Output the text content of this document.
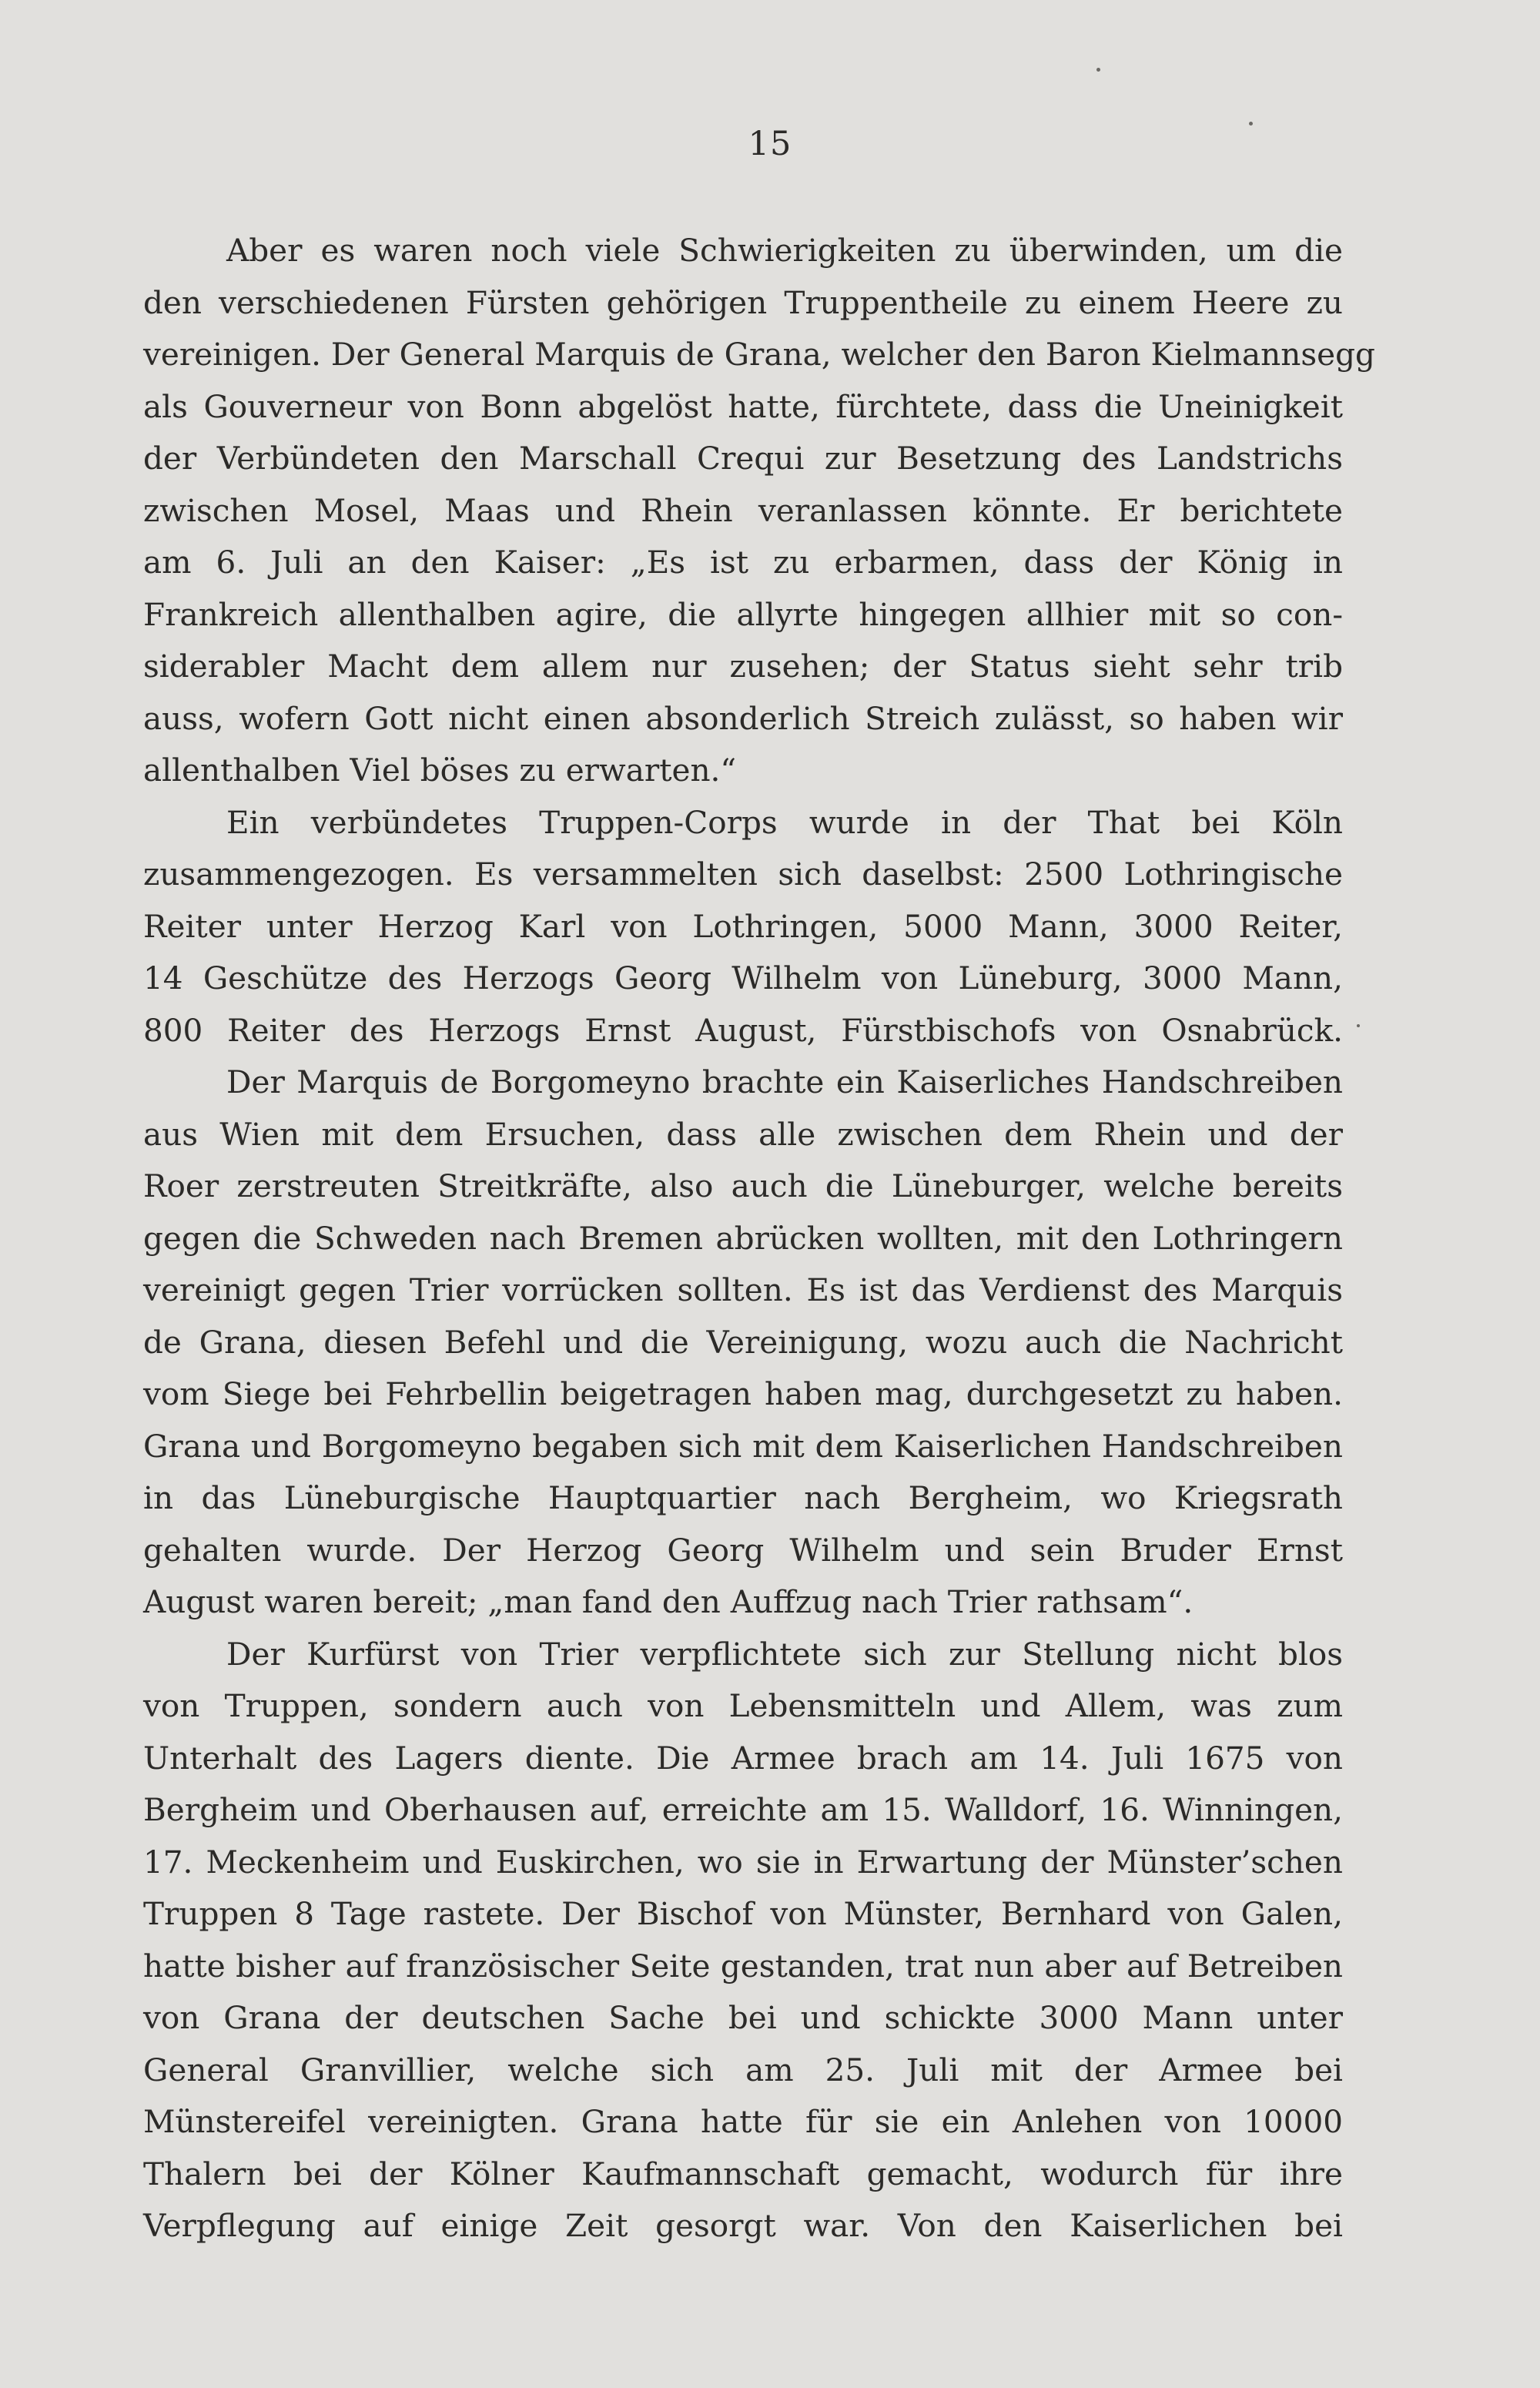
15
Aber es waren noch viele Schwierigkeiten zu überwinden, um die
den verschiedenen Fürsten gehörigen Truppentheile zu einem Heere zu
vereinigen. Der General Marquis de Grana, welcher den Baron Kielmannsegg
als Gouverneur von Bonn abgelöst hatte, fürchtete, dass die Uneinigkeit
der Verbündeten den Marschall Crequi zur Besetzung des Landstrichs
zwischen Mosel, Maas und Rhein veranlassen könnte. Er berichtete
am 6. Juli an den Kaiser: „Es ist zu erbarmen, dass der König in
Frankreich allenthalben agire, die allyrte hingegen allhier mit so con-
siderabler Macht dem allem nur zusehen; der Status sieht sehr trib
auss, wofern Gott nicht einen absonderlich Streich zulässt, so haben wir
allenthalben Viel böses zu erwarten.“
Ein verbündetes Truppen-Corps wurde in der That bei Köln
zusammengezogen. Es versammelten sich daselbst: 2500 Lothringische
Reiter unter Herzog Karl von Lothringen, 5000 Mann, 3000 Reiter,
14 Geschütze des Herzogs Georg Wilhelm von Lüneburg, 3000 Mann,
800 Reiter des Herzogs Ernst August, Fürstbischofs von Osnabrück.
Der Marquis de Borgomeyno brachte ein Kaiserliches Handschreiben
aus Wien mit dem Ersuchen, dass alle zwischen dem Rhein und der
Roer zerstreuten Streitkräfte, also auch die Lüneburger, welche bereits
gegen die Schweden nach Bremen abrücken wollten, mit den Lothringern
vereinigt gegen Trier vorrücken sollten. Es ist das Verdienst des Marquis
de Grana, diesen Befehl und die Vereinigung, wozu auch die Nachricht
vom Siege bei Fehrbellin beigetragen haben mag, durchgesetzt zu haben.
Grana und Borgomeyno begaben sich mit dem Kaiserlichen Handschreiben
in das Lüneburgische Hauptquartier nach Bergheim, wo Kriegsrath
gehalten wurde. Der Herzog Georg Wilhelm und sein Bruder Ernst
August waren bereit; „man fand den Auffzug nach Trier rathsam“.
Der Kurfürst von Trier verpflichtete sich zur Stellung nicht blos
von Truppen, sondern auch von Lebensmitteln und Allem, was zum
Unterhalt des Lagers diente. Die Armee brach am 14. Juli 1675 von
Bergheim und Oberhausen auf, erreichte am 15. Walldorf, 16. Winningen,
17. Meckenheim und Euskirchen, wo sie in Erwartung der Münster’schen
Truppen 8 Tage rastete. Der Bischof von Münster, Bernhard von Galen,
hatte bisher auf französischer Seite gestanden, trat nun aber auf Betreiben
von Grana der deutschen Sache bei und schickte 3000 Mann unter
General Granvillier, welche sich am 25. Juli mit der Armee bei
Münstereifel vereinigten. Grana hatte für sie ein Anlehen von 10000
Thalern bei der Kölner Kaufmannschaft gemacht, wodurch für ihre
Verpflegung auf einige Zeit gesorgt war. Von den Kaiserlichen bei
